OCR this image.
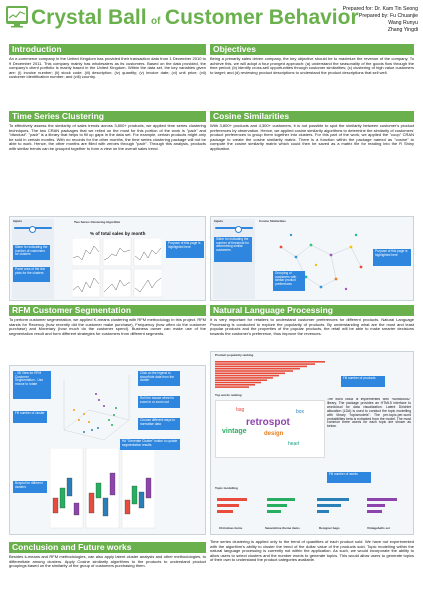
Crystal Ball of Customer Behavior
Prepared for: Dr. Kam Tin Seong
Prepared by: Fu Chuanjie
Wang Runyu
Zhang Yingdi
Introduction
An e-commerce company in the United Kingdom has provided their transaction data from 1 December 2010 to 9 December 2011. This company mainly has wholesalers as its customers. Based on the data provided, the company's client portfolio is mainly based in the United Kingdom. Within the data set, the key variables given are: (i) invoice number; (ii) stock code; (iii) description; (iv) quantity; (v) invoice date; (vi) unit price; (vii) customer identification number; and (viii) country.
Objectives
Being a primarily sales driven company, the key objective should be to maximize the revenue of the company. To achieve this, we will adopt a four pronged approach: (a) understand the seasonality of the goods flow through the time period; (b) identify cross-sell opportunities through customer similarities; (c) clustering of high value customers to target; and (d) reviewing product descriptions to understand the product descriptions that sell well.
Time Series Clustering
To effectively assess the similarity of sales trends across 3,800+ products, we applied time series clustering techniques. The two CRAN packages that we relied on the most for this portion of the work is "padr" and "dtwclust". "padr" is a library that helps to fill up gaps in the data set. For example, certain products might only be sold in certain months. With no records for the other months, the time series clustering package will not be able to work. Hence, the other months are filled with zeroes through "padr". Through this analysis, products with similar trends can be grouped together to form a view on the overall sales trend.
Cosine Similarities
With 3,800+ products and 4,300+ customers, it is not possible to spot the similarity between customer's product preferences by observation. Hence, we applied cosine similarity algorithms to determine the similarity of customers' product preferences to group them together into clusters. For this part of the work, we applied the "coop" CRAN package to create the cosine similarity matrix. There is a function within the package named as "cosine" to compute the cosine similarity matrix which could then be saved as a matrix file for reading into the R Shiny application.
Inputs	Two Series Clustering Algorithm
% of total sales by month
Slider for indicating the number of customers for clusters
Panel area of the line plots for the clusters
Purpose of this page is highlighted here
Inputs	Cosine Similarities
Slider for indicating the number of threshold for determining similar customers
Grouping of customers with similar product preferences
Purpose of this page is highlighted here
RFM Customer Segmentation
To perform customer segmentation, we applied K-means clustering with RFM methodology in this project. RFM stands for Recency (how recently did the customer make purchase), Frequency (how often do the customer purchase) and Monetary (how much do the customer spend). Business owner can make use of the segmentation result and form different strategies for customers from different segments.
Natural Language Processing
It is very important for retailers to understand customer preferences for different products. Natural Language Processing is conducted to explore the popularity of products. By understanding what are the most and least popular products and the properties of the popular products, the retail will be able to make smarter decisions towards the customer's preference, thus improve the revenues.
- 3D View for RFM Customer Segmentation - Use mouse to rotate
Fill number of cluster
Boxplot for different clusters
Click on the legend to show/hide data from the cluster
Roll the mouse wheel to zoom in or zoom out
Choose different ways to normalise data
Hit "Generate Cluster" button to update segmentation results
Product popularity ranking
Fill number of products
Top words ranking
retrospot
vintage	design
box
bag
heart
The word cloud is implemented with "wordcloud2" library. The package provides an HTML5 interface to wordcloud for data visualization. Latent Dirichlet allocation (LDA) is used to conduct the topic modelling with library "topicmodels". The per-topic-per-word probabilities beta is extracted from the model. The most common three words for each topic are shown as below.
Fill number of words
Topic modelling
Christmas items	Sweetshine theme items	Designer bags	Vintagebells set
Conclusion and Future works
Besides k-means and RFM methodologies, can also apply latent cluster analysis and other methodologies, to differentiate among clusters. Apply Cosine similarity algorithms to the products to understand product groupings based on the similarity of the group of customers purchasing them.
Time series clustering is applied only to the trend of quantities of each product sold. We have not experimented with the algorithm's ability to cluster the trend of the dollar value of the products sold. Topic modelling within the natural language processing is currently not within the application. As such, we would incorporate the ability to allow users to select clusters and the number words to generate topics. This would allow users to generate topics of their own to understand the product categories available.
